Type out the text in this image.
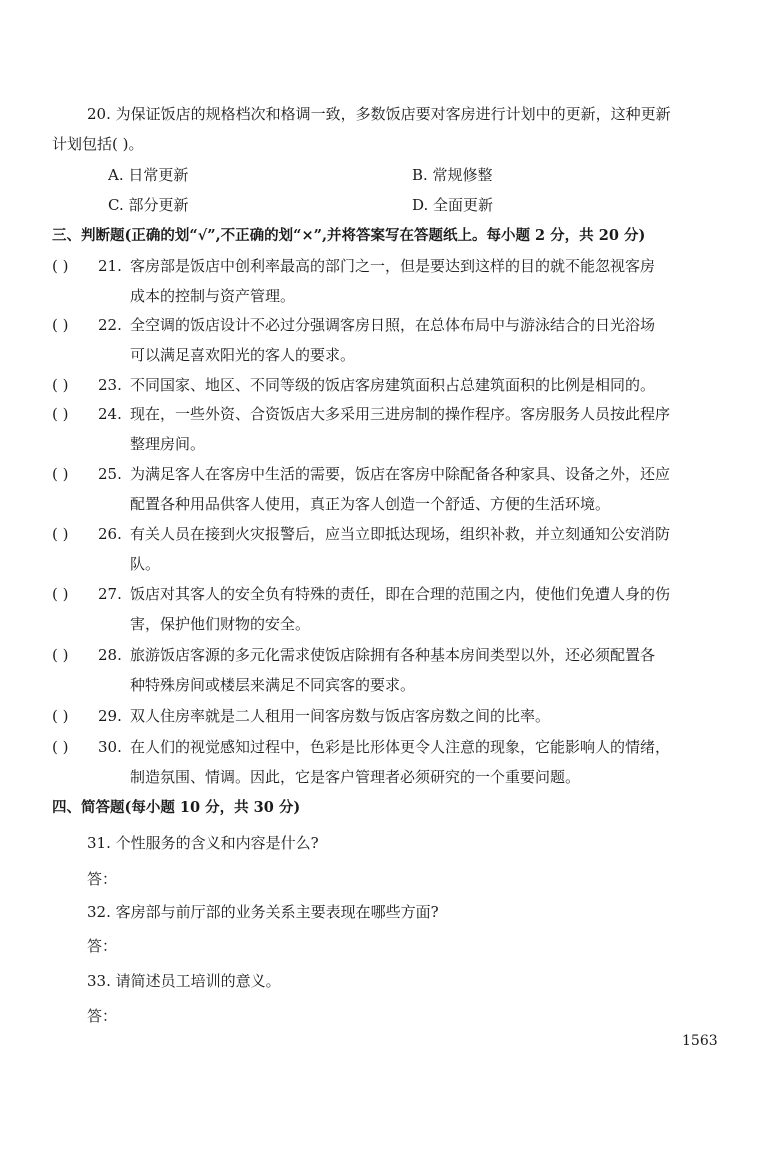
20. 为保证饭店的规格档次和格调一致，多数饭店要对客房进行计划中的更新，这种更新
计划包括( )。
A. 日常更新	B. 常规修整
C. 部分更新	D. 全面更新
三、判断题(正确的划“√”,不正确的划“×”,并将答案写在答题纸上。每小题 2 分，共 20 分)
( ) 21. 客房部是饭店中创利率最高的部门之一，但是要达到这样的目的就不能忽视客房
成本的控制与资产管理。
( ) 22. 全空调的饭店设计不必过分强调客房日照，在总体布局中与游泳结合的日光浴场
可以满足喜欢阳光的客人的要求。
( ) 23. 不同国家、地区、不同等级的饭店客房建筑面积占总建筑面积的比例是相同的。
( ) 24. 现在，一些外资、合资饭店大多采用三进房制的操作程序。客房服务人员按此程序
整理房间。
( ) 25. 为满足客人在客房中生活的需要，饭店在客房中除配备各种家具、设备之外，还应
配置各种用品供客人使用，真正为客人创造一个舒适、方便的生活环境。
( ) 26. 有关人员在接到火灾报警后，应当立即抵达现场，组织补救，并立刻通知公安消防
队。
( ) 27. 饭店对其客人的安全负有特殊的责任，即在合理的范围之内，使他们免遭人身的伤
害，保护他们财物的安全。
( ) 28. 旅游饭店客源的多元化需求使饭店除拥有各种基本房间类型以外，还必须配置各
种特殊房间或楼层来满足不同宾客的要求。
( ) 29. 双人住房率就是二人租用一间客房数与饭店客房数之间的比率。
( ) 30. 在人们的视觉感知过程中，色彩是比形体更令人注意的现象，它能影响人的情绪，
制造氛围、情调。因此，它是客户管理者必须研究的一个重要问题。
四、简答题(每小题 10 分，共 30 分)
31. 个性服务的含义和内容是什么?
答：
32. 客房部与前厅部的业务关系主要表现在哪些方面?
答：
33. 请简述员工培训的意义。
答：
1563
